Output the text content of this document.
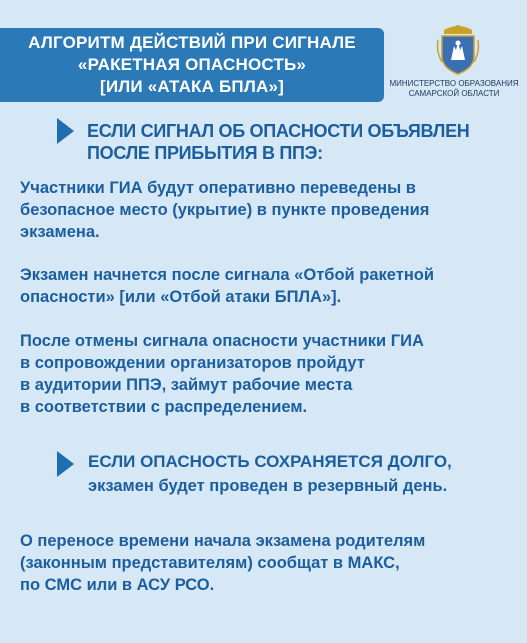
АЛГОРИТМ ДЕЙСТВИЙ ПРИ СИГНАЛЕ
«РАКЕТНАЯ ОПАСНОСТЬ»
[ИЛИ «АТАКА БПЛА»]	МИНИСТЕРСТВО ОБРАЗОВАНИЯ
САМАРСКОЙ ОБЛАСТИ
ЕСЛИ СИГНАЛ ОБ ОПАСНОСТИ ОБЪЯВЛЕН
ПОСЛЕ ПРИБЫТИЯ В ППЭ:
Участники ГИА будут оперативно переведены в
безопасное место (укрытие) в пункте проведения
экзамена.
Экзамен начнется после сигнала «Отбой ракетной
опасности» [или «Отбой атаки БПЛА»].
После отмены сигнала опасности участники ГИА
в сопровождении организаторов пройдут
в аудитории ППЭ, займут рабочие места
в соответствии с распределением.
ЕСЛИ ОПАСНОСТЬ СОХРАНЯЕТСЯ ДОЛГО,
экзамен будет проведен в резервный день.
О переносе времени начала экзамена родителям
(законным представителям) сообщат в МАКС,
по СМС или в АСУ РСО.
